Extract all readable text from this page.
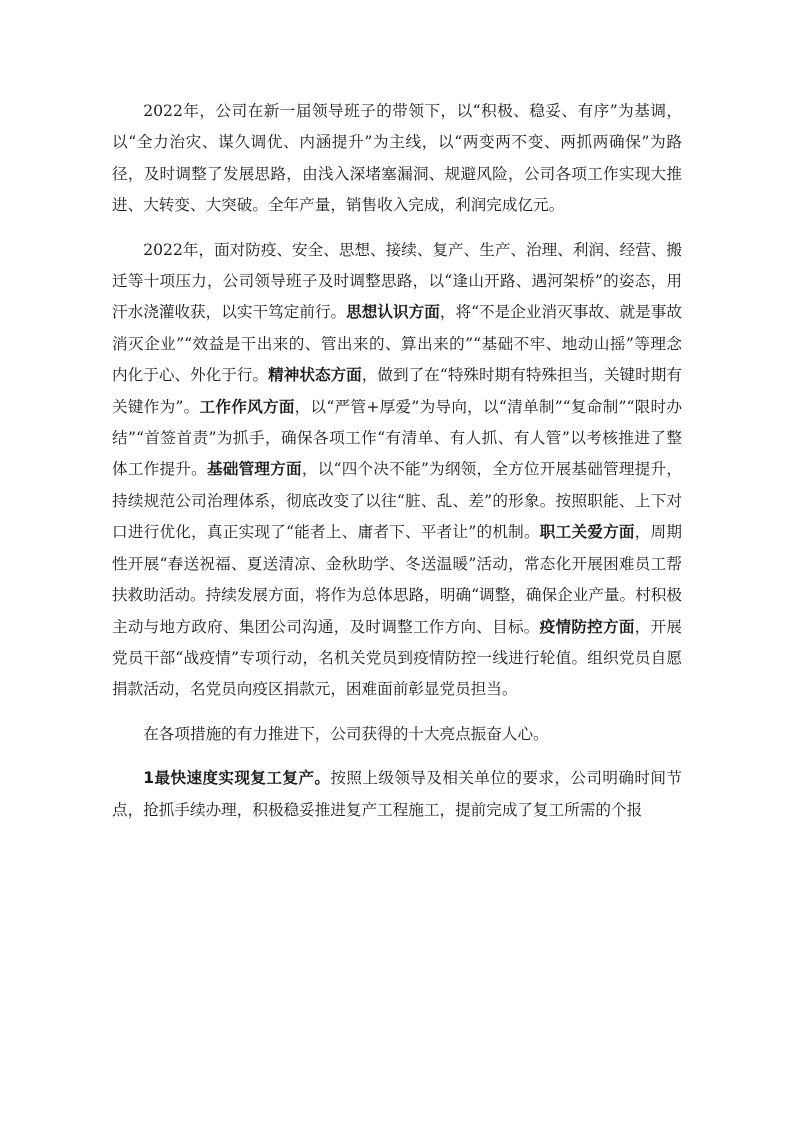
2022年，公司在新一届领导班子的带领下，以“积极、稳妥、有序”为基调，以“全力治灾、谋久调优、内涵提升”为主线，以“两变两不变、两抓两确保”为路径，及时调整了发展思路，由浅入深堵塞漏洞、规避风险，公司各项工作实现大推进、大转变、大突破。全年产量，销售收入完成，利润完成亿元。

2022年，面对防疫、安全、思想、接续、复产、生产、治理、利润、经营、搬迁等十项压力，公司领导班子及时调整思路，以“逢山开路、遇河架桥”的姿态，用汗水浇灌收获，以实干笃定前行。思想认识方面，将“不是企业消灭事故、就是事故消灭企业”“效益是干出来的、管出来的、算出来的”“基础不牢、地动山摇”等理念内化于心、外化于行。精神状态方面，做到了在“特殊时期有特殊担当，关键时期有关键作为”。工作作风方面，以“严管+厚爱”为导向，以“清单制”“复命制”“限时办结”“首签首责”为抓手，确保各项工作“有清单、有人抓、有人管”以考核推进了整体工作提升。基础管理方面，以“四个决不能”为纲领，全方位开展基础管理提升，持续规范公司治理体系，彻底改变了以往“脏、乱、差”的形象。按照职能、上下对口进行优化，真正实现了“能者上、庸者下、平者让”的机制。职工关爱方面，周期性开展“春送祝福、夏送清凉、金秋助学、冬送温暖”活动，常态化开展困难员工帮扶救助活动。持续发展方面，将作为总体思路，明确“调整，确保企业产量。村积极主动与地方政府、集团公司沟通，及时调整工作方向、目标。疫情防控方面，开展党员干部“战疫情”专项行动，名机关党员到疫情防控一线进行轮值。组织党员自愿捐款活动，名党员向疫区捐款元，困难面前彰显党员担当。

在各项措施的有力推进下，公司获得的十大亮点振奋人心。

1最快速度实现复工复产。按照上级领导及相关单位的要求，公司明确时间节点，抢抓手续办理，积极稳妥推进复产工程施工，提前完成了复工所需的个报
